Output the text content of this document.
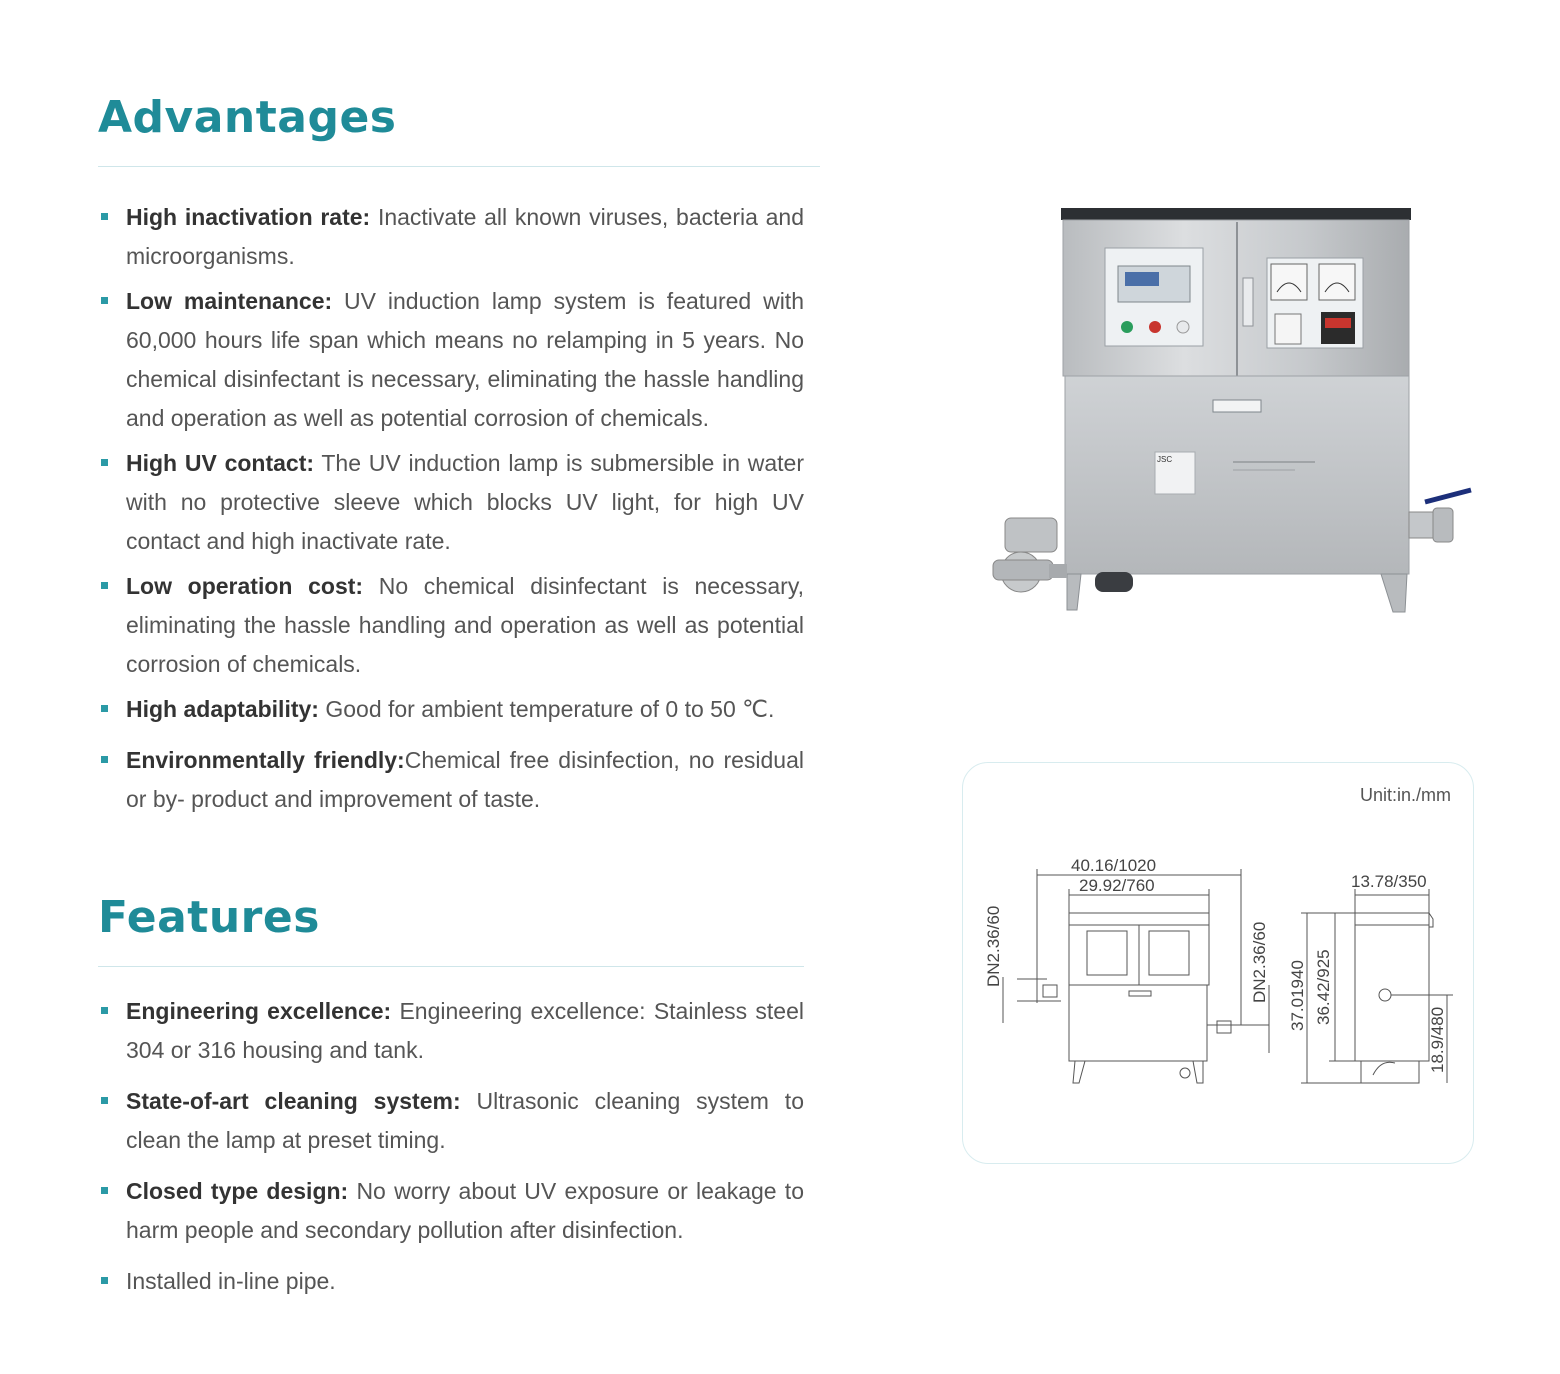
Advantages
High inactivation rate: Inactivate all known viruses, bacteria and microorganisms.
Low maintenance: UV induction lamp system is featured with 60,000 hours life span which means no relamping in 5 years. No chemical disinfectant is necessary, eliminating the hassle handling and operation as well as potential corrosion of chemicals.
High UV contact: The UV induction lamp is submersible in water with no protective sleeve which blocks UV light, for high UV contact and high inactivate rate.
Low operation cost: No chemical disinfectant is necessary, eliminating the hassle handling and operation as well as potential corrosion of chemicals.
High adaptability: Good for ambient temperature of 0 to 50 ℃.
Environmentally friendly:Chemical free disinfection, no residual or by- product and improvement of taste.
Features
Engineering excellence: Engineering excellence: Stainless steel 304 or 316 housing and tank.
State-of-art cleaning system: Ultrasonic cleaning system to clean the lamp at preset timing.
Closed type design: No worry about UV exposure or leakage to harm people and secondary pollution after disinfection.
Installed in-line pipe.
JSC
Unit:in./mm
40.16/1020
29.92/760	13.78/350
DN2.36/60	DN2.36/60 37.01940 36.42/925
18.9/480
